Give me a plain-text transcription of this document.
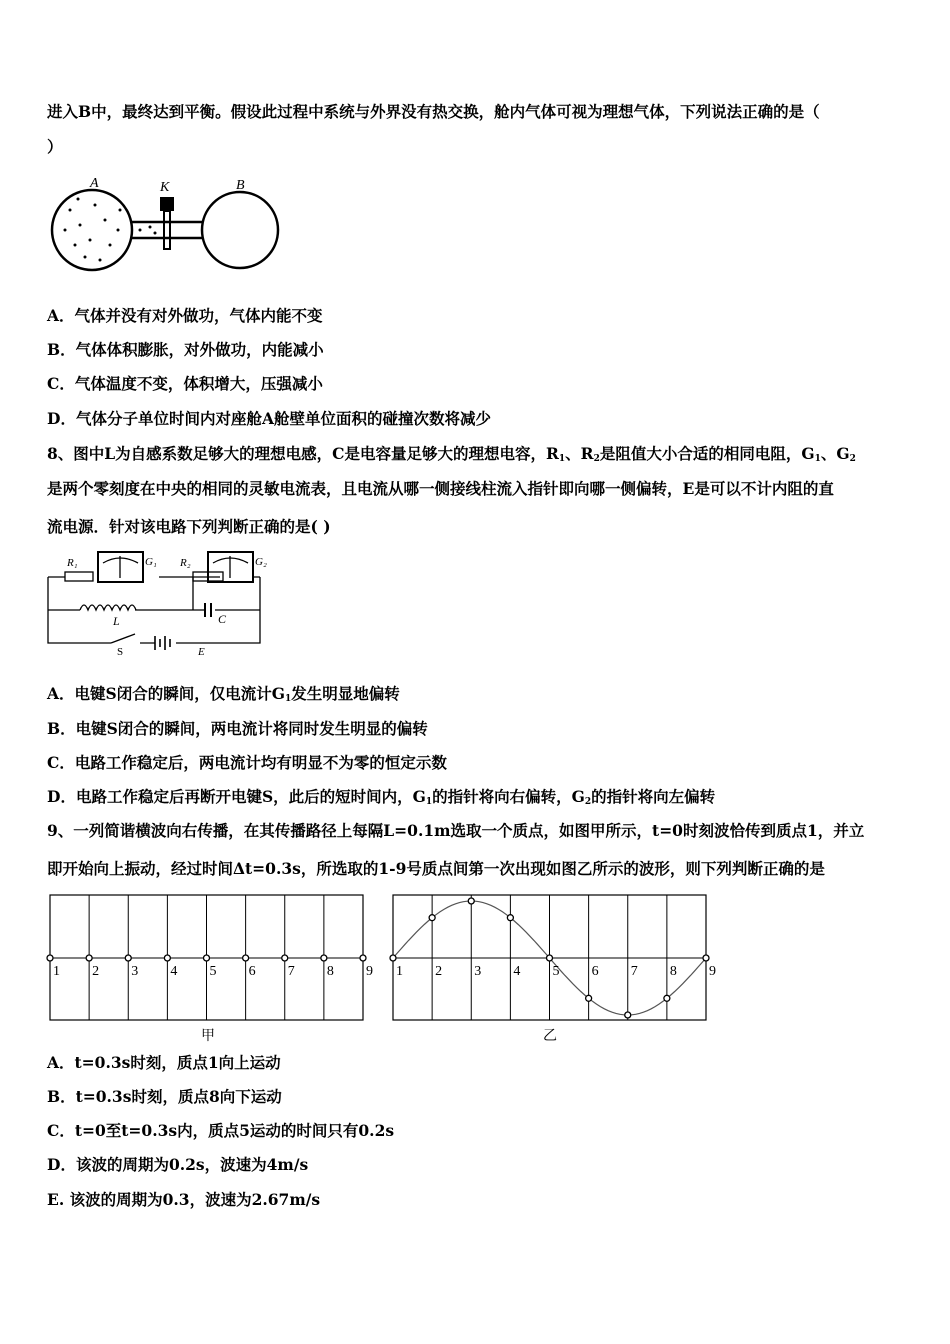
进入B中，最终达到平衡。假设此过程中系统与外界没有热交换，舱内气体可视为理想气体，下列说法正确的是（
）
A	K	B
A．气体并没有对外做功，气体内能不变
B．气体体积膨胀，对外做功，内能减小
C．气体温度不变，体积增大，压强减小
D．气体分子单位时间内对座舱A舱壁单位面积的碰撞次数将减少
8、图中L为自感系数足够大的理想电感，C是电容量足够大的理想电容，$R_1$、$R_2$是阻值大小合适的相同电阻，$G_1$、$G_2$
是两个零刻度在中央的相同的灵敏电流表，且电流从哪一侧接线柱流入指针即向哪一侧偏转，E是可以不计内阻的直
流电源．针对该电路下列判断正确的是( )
R₁	G₁ R₂	G₂
L	C
S	E
A．电键S闭合的瞬间，仅电流计$G_1$发生明显地偏转
B．电键S闭合的瞬间，两电流计将同时发生明显的偏转
C．电路工作稳定后，两电流计均有明显不为零的恒定示数
D．电路工作稳定后再断开电键S，此后的短时间内，$G_1$的指针将向右偏转，$G_2$的指针将向左偏转
9、一列简谐横波向右传播，在其传播路径上每隔L=0.1m选取一个质点，如图甲所示，t=0时刻波恰传到质点1，并立
即开始向上振动，经过时间Δt=0.3s，所选取的1-9号质点间第一次出现如图乙所示的波形，则下列判断正确的是
甲	乙
1 2 3 4 5 6 7 8 9 1 2 3 4 5 6 7 8 9
A．t=0.3s时刻，质点1向上运动
B．t=0.3s时刻，质点8向下运动
C．t=0至t=0.3s内，质点5运动的时间只有0.2s
D．该波的周期为0.2s，波速为4m/s
E. 该波的周期为0.3，波速为2.67m/s
